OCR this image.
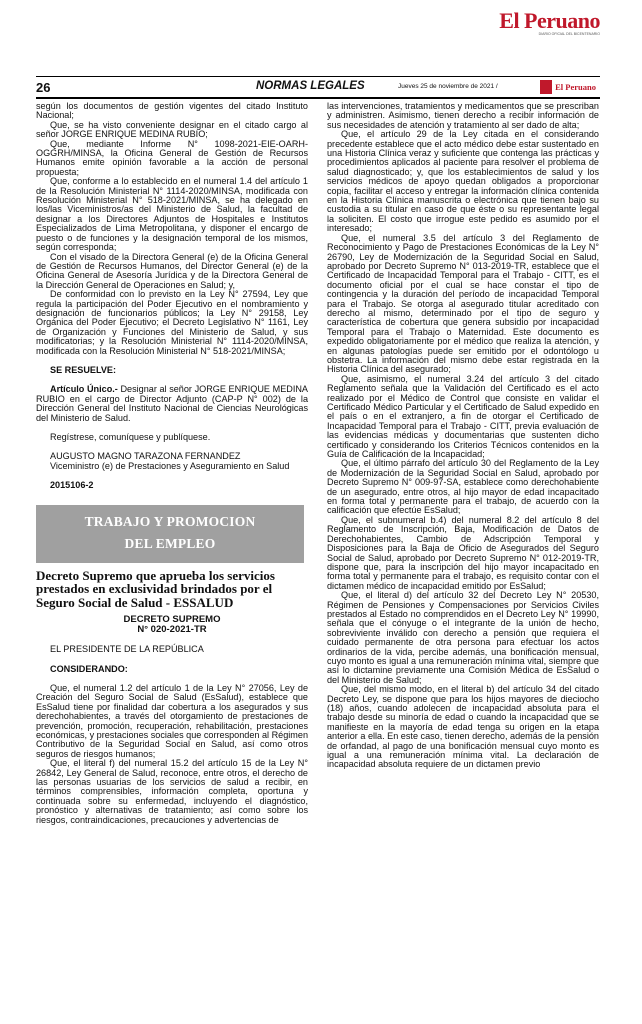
El Peruano
DIARIO OFICIAL DEL BICENTENARIO
26	NORMAS LEGALES	Jueves 25 de noviembre de 2021 /	El Peruano

según los documentos de gestión vigentes del citado Instituto Nacional;

Que, se ha visto conveniente designar en el citado cargo al señor JORGE ENRIQUE MEDINA RUBIO;

Que, mediante Informe N° 1098-2021-EIE-OARH-OGGRH/MINSA, la Oficina General de Gestión de Recursos Humanos emite opinión favorable a la acción de personal propuesta;

Que, conforme a lo establecido en el numeral 1.4 del artículo 1 de la Resolución Ministerial N° 1114-2020/MINSA, modificada con Resolución Ministerial N° 518-2021/MINSA, se ha delegado en los/las Viceministros/as del Ministerio de Salud, la facultad de designar a los Directores Adjuntos de Hospitales e Institutos Especializados de Lima Metropolitana, y disponer el encargo de puesto o de funciones y la designación temporal de los mismos, según corresponda;

Con el visado de la Directora General (e) de la Oficina General de Gestión de Recursos Humanos, del Director General (e) de la Oficina General de Asesoría Jurídica y de la Directora General de la Dirección General de Operaciones en Salud; y,

De conformidad con lo previsto en la Ley N° 27594, Ley que regula la participación del Poder Ejecutivo en el nombramiento y designación de funcionarios públicos; la Ley N° 29158, Ley Orgánica del Poder Ejecutivo; el Decreto Legislativo N° 1161, Ley de Organización y Funciones del Ministerio de Salud, y sus modificatorias; y la Resolución Ministerial N° 1114-2020/MINSA, modificada con la Resolución Ministerial N° 518-2021/MINSA;

SE RESUELVE:

Artículo Único.- Designar al señor JORGE ENRIQUE MEDINA RUBIO en el cargo de Director Adjunto (CAP-P N° 002) de la Dirección General del Instituto Nacional de Ciencias Neurológicas del Ministerio de Salud.

Regístrese, comuníquese y publíquese.

AUGUSTO MAGNO TARAZONA FERNANDEZ

Viceministro (e) de Prestaciones y Aseguramiento en Salud

2015106-2

TRABAJO Y PROMOCION
DEL EMPLEO
Decreto Supremo que aprueba los servicios prestados en exclusividad brindados por el Seguro Social de Salud - ESSALUD
DECRETO SUPREMO
N° 020-2021-TR

EL PRESIDENTE DE LA REPÚBLICA

CONSIDERANDO:

Que, el numeral 1.2 del artículo 1 de la Ley N° 27056, Ley de Creación del Seguro Social de Salud (EsSalud), establece que EsSalud tiene por finalidad dar cobertura a los asegurados y sus derechohabientes, a través del otorgamiento de prestaciones de prevención, promoción, recuperación, rehabilitación, prestaciones económicas, y prestaciones sociales que corresponden al Régimen Contributivo de la Seguridad Social en Salud, así como otros seguros de riesgos humanos;

Que, el literal f) del numeral 15.2 del artículo 15 de la Ley N° 26842, Ley General de Salud, reconoce, entre otros, el derecho de las personas usuarias de los servicios de salud a recibir, en términos comprensibles, información completa, oportuna y continuada sobre su enfermedad, incluyendo el diagnóstico, pronóstico y alternativas de tratamiento; así como sobre los riesgos, contraindicaciones, precauciones y advertencias de

las intervenciones, tratamientos y medicamentos que se prescriban y administren. Asimismo, tienen derecho a recibir información de sus necesidades de atención y tratamiento al ser dado de alta;

Que, el artículo 29 de la Ley citada en el considerando precedente establece que el acto médico debe estar sustentado en una Historia Clínica veraz y suficiente que contenga las prácticas y procedimientos aplicados al paciente para resolver el problema de salud diagnosticado; y, que los establecimientos de salud y los servicios médicos de apoyo quedan obligados a proporcionar copia, facilitar el acceso y entregar la información clínica contenida en la Historia Clínica manuscrita o electrónica que tienen bajo su custodia a su titular en caso de que éste o su representante legal la soliciten. El costo que irrogue este pedido es asumido por el interesado;

Que, el numeral 3.5 del artículo 3 del Reglamento de Reconocimiento y Pago de Prestaciones Económicas de la Ley N° 26790, Ley de Modernización de la Seguridad Social en Salud, aprobado por Decreto Supremo N° 013-2019-TR, establece que el Certificado de Incapacidad Temporal para el Trabajo - CITT, es el documento oficial por el cual se hace constar el tipo de contingencia y la duración del período de incapacidad Temporal para el Trabajo. Se otorga al asegurado titular acreditado con derecho al mismo, determinado por el tipo de seguro y característica de cobertura que genera subsidio por incapacidad Temporal para el Trabajo o Maternidad. Este documento es expedido obligatoriamente por el médico que realiza la atención, y en algunas patologías puede ser emitido por el odontólogo u obstetra. La información del mismo debe estar registrada en la Historia Clínica del asegurado;

Que, asimismo, el numeral 3.24 del artículo 3 del citado Reglamento señala que la Validación del Certificado es el acto realizado por el Médico de Control que consiste en validar el Certificado Médico Particular y el Certificado de Salud expedido en el país o en el extranjero, a fin de otorgar el Certificado de Incapacidad Temporal para el Trabajo - CITT, previa evaluación de las evidencias médicas y documentarias que sustenten dicho certificado y considerando los Criterios Técnicos contenidos en la Guía de Calificación de la Incapacidad;

Que, el último párrafo del artículo 30 del Reglamento de la Ley de Modernización de la Seguridad Social en Salud, aprobado por Decreto Supremo N° 009-97-SA, establece como derechohabiente de un asegurado, entre otros, al hijo mayor de edad incapacitado en forma total y permanente para el trabajo, de acuerdo con la calificación que efectúe EsSalud;

Que, el subnumeral b.4) del numeral 8.2 del artículo 8 del Reglamento de Inscripción, Baja, Modificación de Datos de Derechohabientes, Cambio de Adscripción Temporal y Disposiciones para la Baja de Oficio de Asegurados del Seguro Social de Salud, aprobado por Decreto Supremo N° 012-2019-TR, dispone que, para la inscripción del hijo mayor incapacitado en forma total y permanente para el trabajo, es requisito contar con el dictamen médico de incapacidad emitido por EsSalud;

Que, el literal d) del artículo 32 del Decreto Ley N° 20530, Régimen de Pensiones y Compensaciones por Servicios Civiles prestados al Estado no comprendidos en el Decreto Ley N° 19990, señala que el cónyuge o el integrante de la unión de hecho, sobreviviente inválido con derecho a pensión que requiera el cuidado permanente de otra persona para efectuar los actos ordinarios de la vida, percibe además, una bonificación mensual, cuyo monto es igual a una remuneración mínima vital, siempre que así lo dictamine previamente una Comisión Médica de EsSalud o del Ministerio de Salud;

Que, del mismo modo, en el literal b) del artículo 34 del citado Decreto Ley, se dispone que para los hijos mayores de dieciocho (18) años, cuando adolecen de incapacidad absoluta para el trabajo desde su minoría de edad o cuando la incapacidad que se manifieste en la mayoría de edad tenga su origen en la etapa anterior a ella. En este caso, tienen derecho, además de la pensión de orfandad, al pago de una bonificación mensual cuyo monto es igual a una remuneración mínima vital. La declaración de incapacidad absoluta requiere de un dictamen previo
